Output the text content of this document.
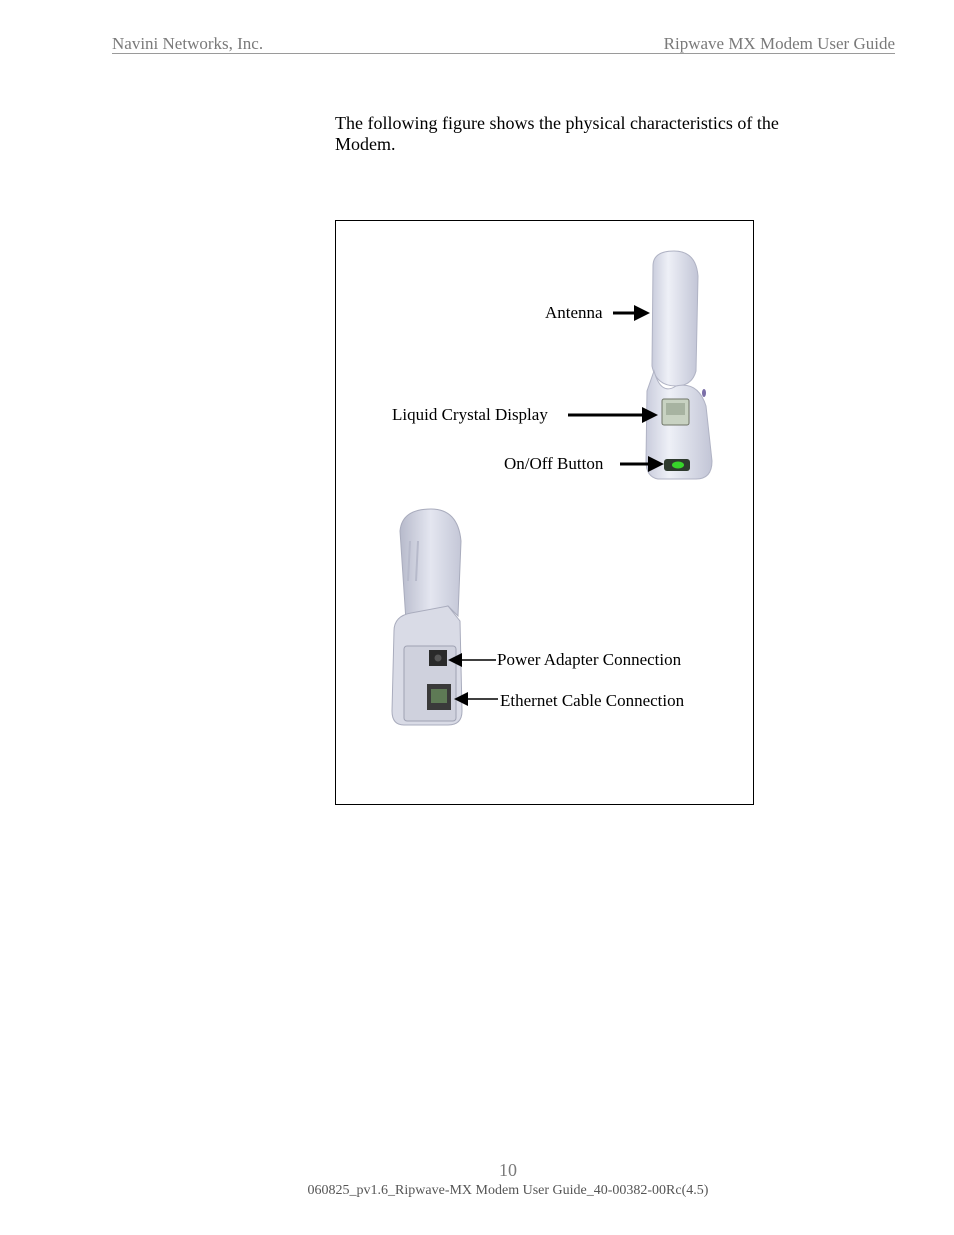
Navini Networks, Inc.	Ripwave MX Modem User Guide

The following figure shows the physical characteristics of the Modem.

Antenna
Liquid Crystal Display
On/Off Button
Power Adapter Connection
Ethernet Cable Connection
10
060825_pv1.6_Ripwave-MX Modem User Guide_40-00382-00Rc(4.5)
